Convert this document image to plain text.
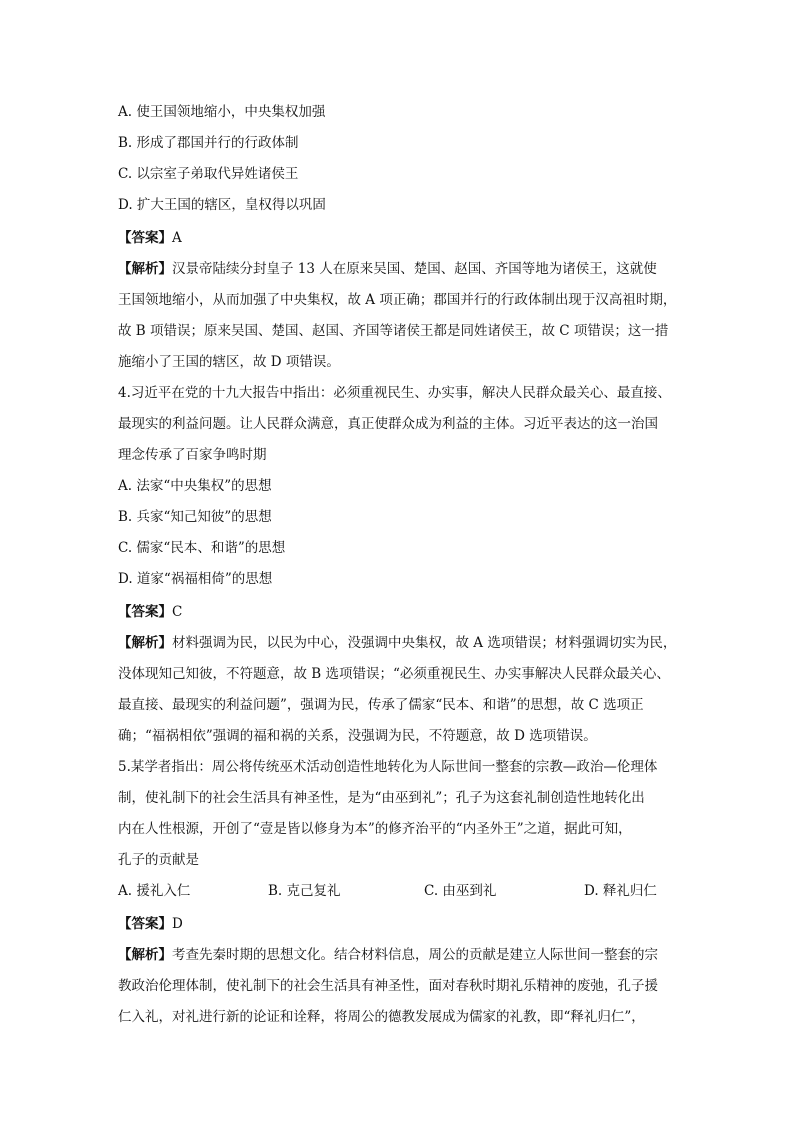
A. 使王国领地缩小，中央集权加强
B. 形成了郡国并行的行政体制
C. 以宗室子弟取代异姓诸侯王
D. 扩大王国的辖区，皇权得以巩固
【答案】A
【解析】汉景帝陆续分封皇子 13 人在原来吴国、楚国、赵国、齐国等地为诸侯王，这就使
王国领地缩小，从而加强了中央集权，故 A 项正确；郡国并行的行政体制出现于汉高祖时期，
故 B 项错误；原来吴国、楚国、赵国、齐国等诸侯王都是同姓诸侯王，故 C 项错误；这一措
施缩小了王国的辖区，故 D 项错误。
4.习近平在党的十九大报告中指出：必须重视民生、办实事，解决人民群众最关心、最直接、
最现实的利益问题。让人民群众满意，真正使群众成为利益的主体。习近平表达的这一治国
理念传承了百家争鸣时期
A. 法家“中央集权”的思想
B. 兵家“知己知彼”的思想
C. 儒家“民本、和谐”的思想
D. 道家“祸福相倚”的思想
【答案】C
【解析】材料强调为民，以民为中心，没强调中央集权，故 A 选项错误；材料强调切实为民，
没体现知己知彼，不符题意，故 B 选项错误；“必须重视民生、办实事解决人民群众最关心、
最直接、最现实的利益问题”，强调为民，传承了儒家“民本、和谐”的思想，故 C 选项正
确；“福祸相依”强调的福和祸的关系，没强调为民，不符题意，故 D 选项错误。
5.某学者指出：周公将传统巫术活动创造性地转化为人际世间一整套的宗教—政治—伦理体
制，使礼制下的社会生活具有神圣性，是为“由巫到礼”；孔子为这套礼制创造性地转化出
内在人性根源，开创了“壹是皆以修身为本”的修齐治平的“内圣外王”之道，据此可知，
孔子的贡献是
A. 援礼入仁	B. 克己复礼	C. 由巫到礼	D. 释礼归仁
【答案】D
【解析】考查先秦时期的思想文化。结合材料信息，周公的贡献是建立人际世间一整套的宗
教政治伦理体制，使礼制下的社会生活具有神圣性，面对春秋时期礼乐精神的废弛，孔子援
仁入礼，对礼进行新的论证和诠释，将周公的德教发展成为儒家的礼教，即“释礼归仁”，
